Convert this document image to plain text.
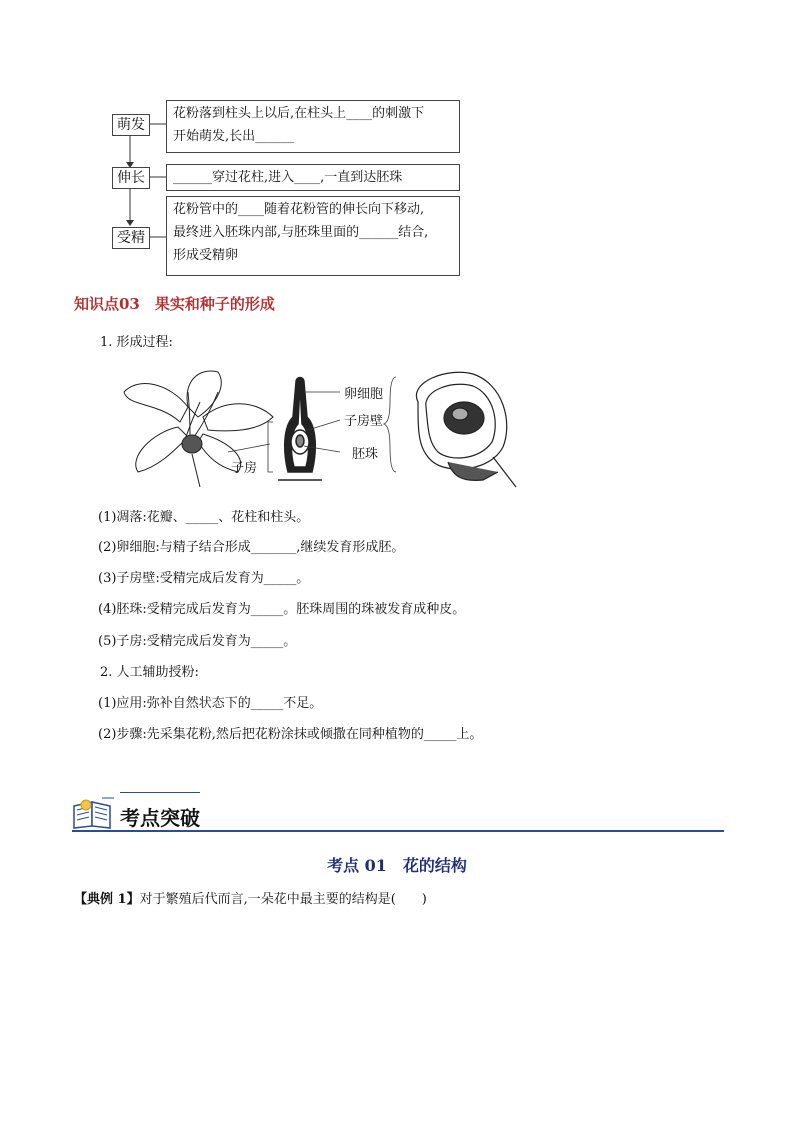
萌发
花粉落到柱头上以后,在柱头上____的刺激下
开始萌发,长出______
伸长	______穿过花柱,进入____,一直到达胚珠
受精
花粉管中的____随着花粉管的伸长向下移动,
最终进入胚珠内部,与胚珠里面的______结合,
形成受精卵
知识点03　果实和种子的形成
1. 形成过程:
卵细胞
子房壁
胚珠
子房
(1)凋落:花瓣、_____、花柱和柱头。
(2)卵细胞:与精子结合形成_______,继续发育形成胚。
(3)子房壁:受精完成后发育为_____。
(4)胚珠:受精完成后发育为_____。胚珠周围的珠被发育成种皮。
(5)子房:受精完成后发育为_____。
2. 人工辅助授粉:
(1)应用:弥补自然状态下的_____不足。
(2)步骤:先采集花粉,然后把花粉涂抹或倾撒在同种植物的_____上。
考点突破
考点 01　花的结构
【典例 1】对于繁殖后代而言,一朵花中最主要的结构是(　　)
